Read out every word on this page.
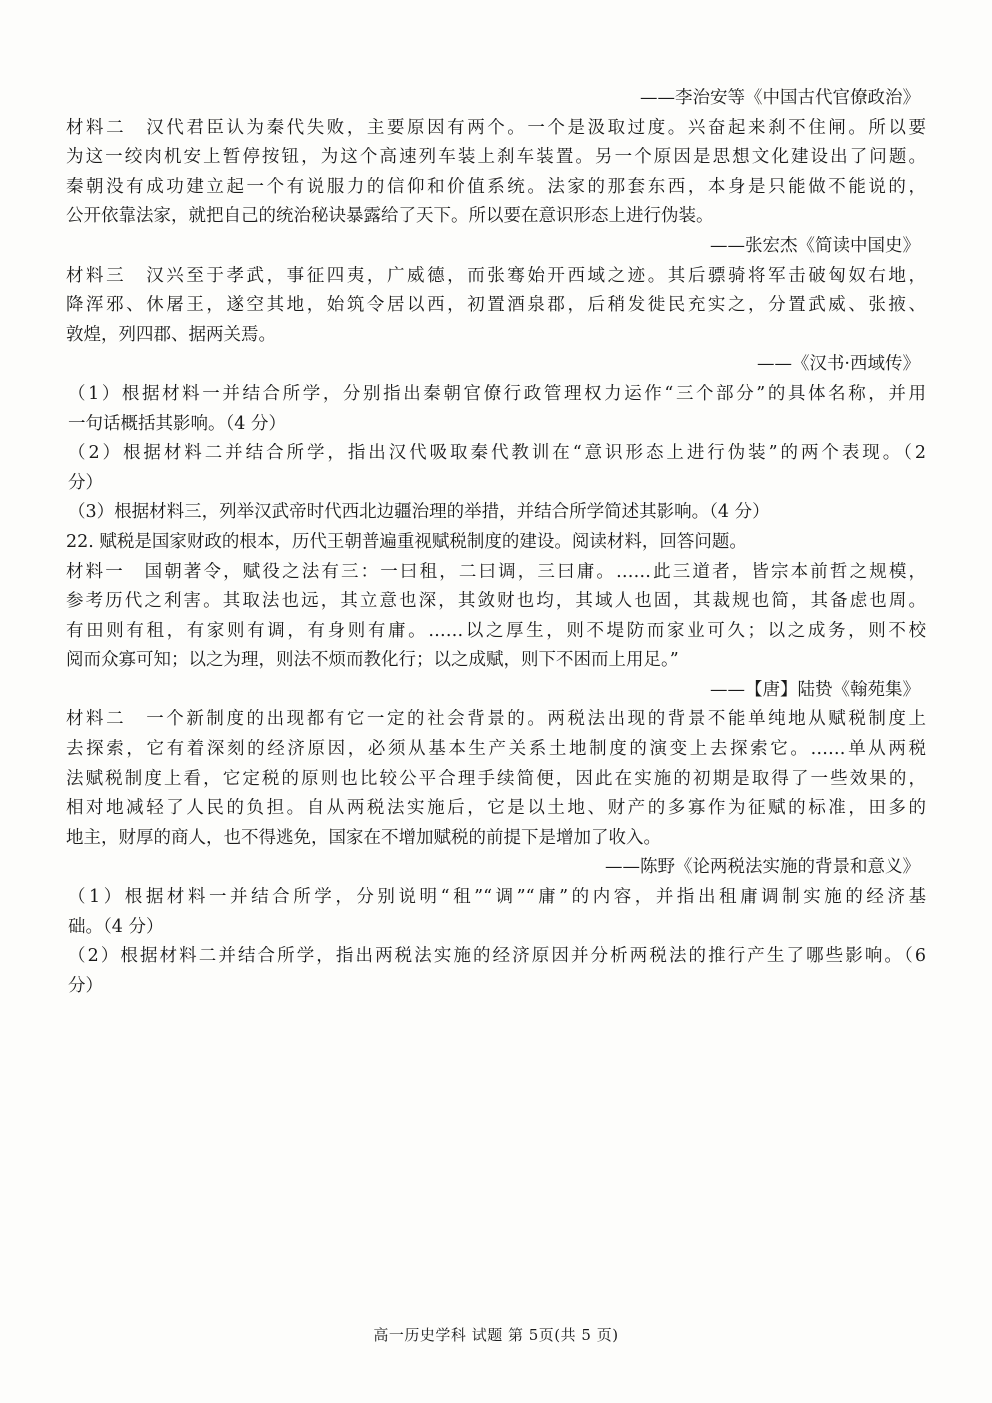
——李治安等《中国古代官僚政治》
材料二　汉代君臣认为秦代失败，主要原因有两个。一个是汲取过度。兴奋起来刹不住闸。所以要
为这一绞肉机安上暂停按钮，为这个高速列车装上刹车装置。另一个原因是思想文化建设出了问题。
秦朝没有成功建立起一个有说服力的信仰和价值系统。法家的那套东西，本身是只能做不能说的，
公开依靠法家，就把自己的统治秘诀暴露给了天下。所以要在意识形态上进行伪装。
——张宏杰《简读中国史》
材料三　汉兴至于孝武，事征四夷，广威德，而张骞始开西域之迹。其后骠骑将军击破匈奴右地，
降浑邪、休屠王，遂空其地，始筑令居以西，初置酒泉郡，后稍发徙民充实之，分置武威、张掖、
敦煌，列四郡、据两关焉。
——《汉书·西域传》
（1）根据材料一并结合所学，分别指出秦朝官僚行政管理权力运作“三个部分”的具体名称，并用
一句话概括其影响。（4 分）
（2）根据材料二并结合所学，指出汉代吸取秦代教训在“意识形态上进行伪装”的两个表现。（2
分）
（3）根据材料三，列举汉武帝时代西北边疆治理的举措，并结合所学简述其影响。（4 分）
22. 赋税是国家财政的根本，历代王朝普遍重视赋税制度的建设。阅读材料，回答问题。
材料一　国朝著令，赋役之法有三：一曰租，二曰调，三曰庸。……此三道者，皆宗本前哲之规模，
参考历代之利害。其取法也远，其立意也深，其敛财也均，其域人也固，其裁规也简，其备虑也周。
有田则有租，有家则有调，有身则有庸。……以之厚生，则不堤防而家业可久；以之成务，则不校
阅而众寡可知；以之为理，则法不烦而教化行；以之成赋，则下不困而上用足。”
——【唐】陆贽《翰苑集》
材料二　一个新制度的出现都有它一定的社会背景的。两税法出现的背景不能单纯地从赋税制度上
去探索，它有着深刻的经济原因，必须从基本生产关系土地制度的演变上去探索它。……单从两税
法赋税制度上看，它定税的原则也比较公平合理手续简便，因此在实施的初期是取得了一些效果的，
相对地减轻了人民的负担。自从两税法实施后，它是以土地、财产的多寡作为征赋的标准，田多的
地主，财厚的商人，也不得逃免，国家在不增加赋税的前提下是增加了收入。
——陈野《论两税法实施的背景和意义》
（1）根据材料一并结合所学，分别说明“租”“调”“庸”的内容，并指出租庸调制实施的经济基
础。（4 分）
（2）根据材料二并结合所学，指出两税法实施的经济原因并分析两税法的推行产生了哪些影响。（6
分）
高一历史学科 试题 第 5页(共 5 页)
